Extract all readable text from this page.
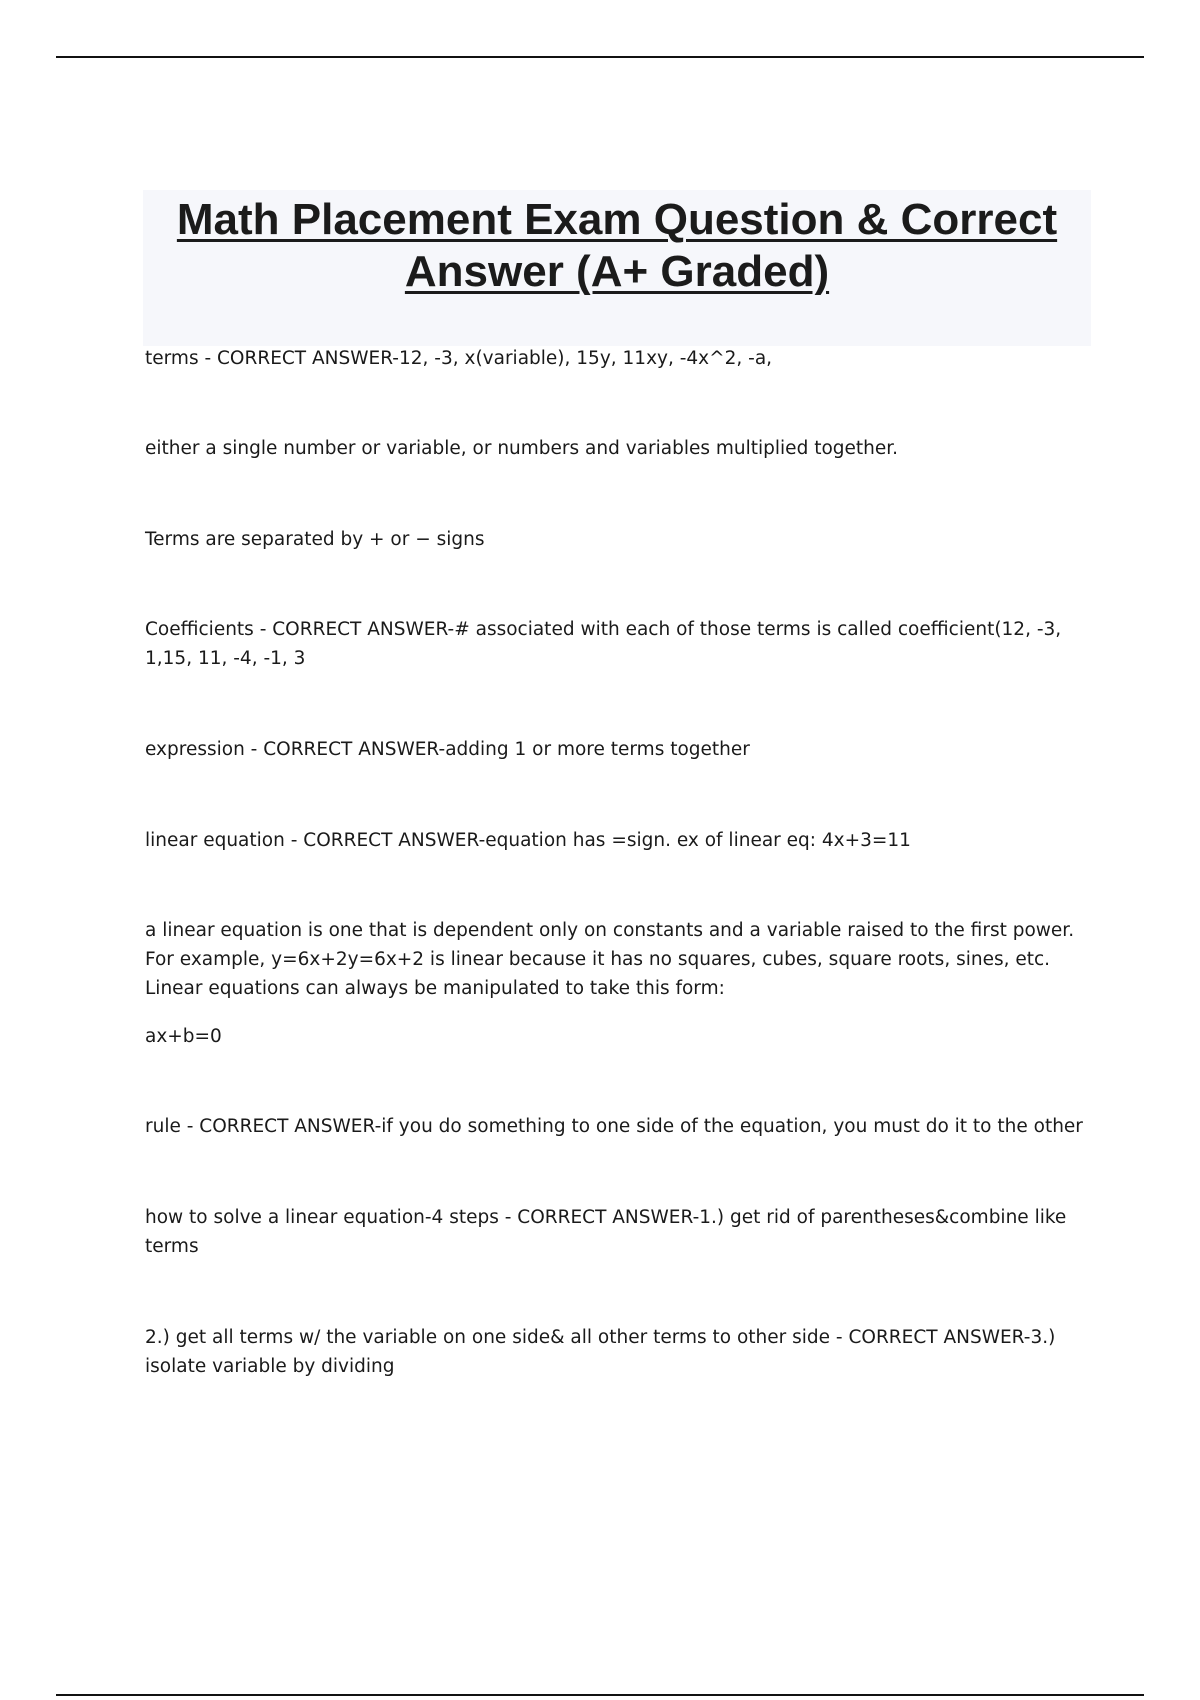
Math Placement Exam Question & Correct Answer (A+ Graded)

terms - CORRECT ANSWER-12, -3, x(variable), 15y, 11xy, -4x^2, -a,

either a single number or variable, or numbers and variables multiplied together.

Terms are separated by + or − signs

Coefficients - CORRECT ANSWER-# associated with each of those terms is called coefficient(12, -3, 1,15, 11, -4, -1, 3

expression - CORRECT ANSWER-adding 1 or more terms together

linear equation - CORRECT ANSWER-equation has =sign. ex of linear eq: 4x+3=11

a linear equation is one that is dependent only on constants and a variable raised to the first power. For example, y=6x+2y=6x+2 is linear because it has no squares, cubes, square roots, sines, etc. Linear equations can always be manipulated to take this form:

ax+b=0

rule - CORRECT ANSWER-if you do something to one side of the equation, you must do it to the other

how to solve a linear equation-4 steps - CORRECT ANSWER-1.) get rid of parentheses&combine like terms

2.) get all terms w/ the variable on one side& all other terms to other side - CORRECT ANSWER-3.) isolate variable by dividing
